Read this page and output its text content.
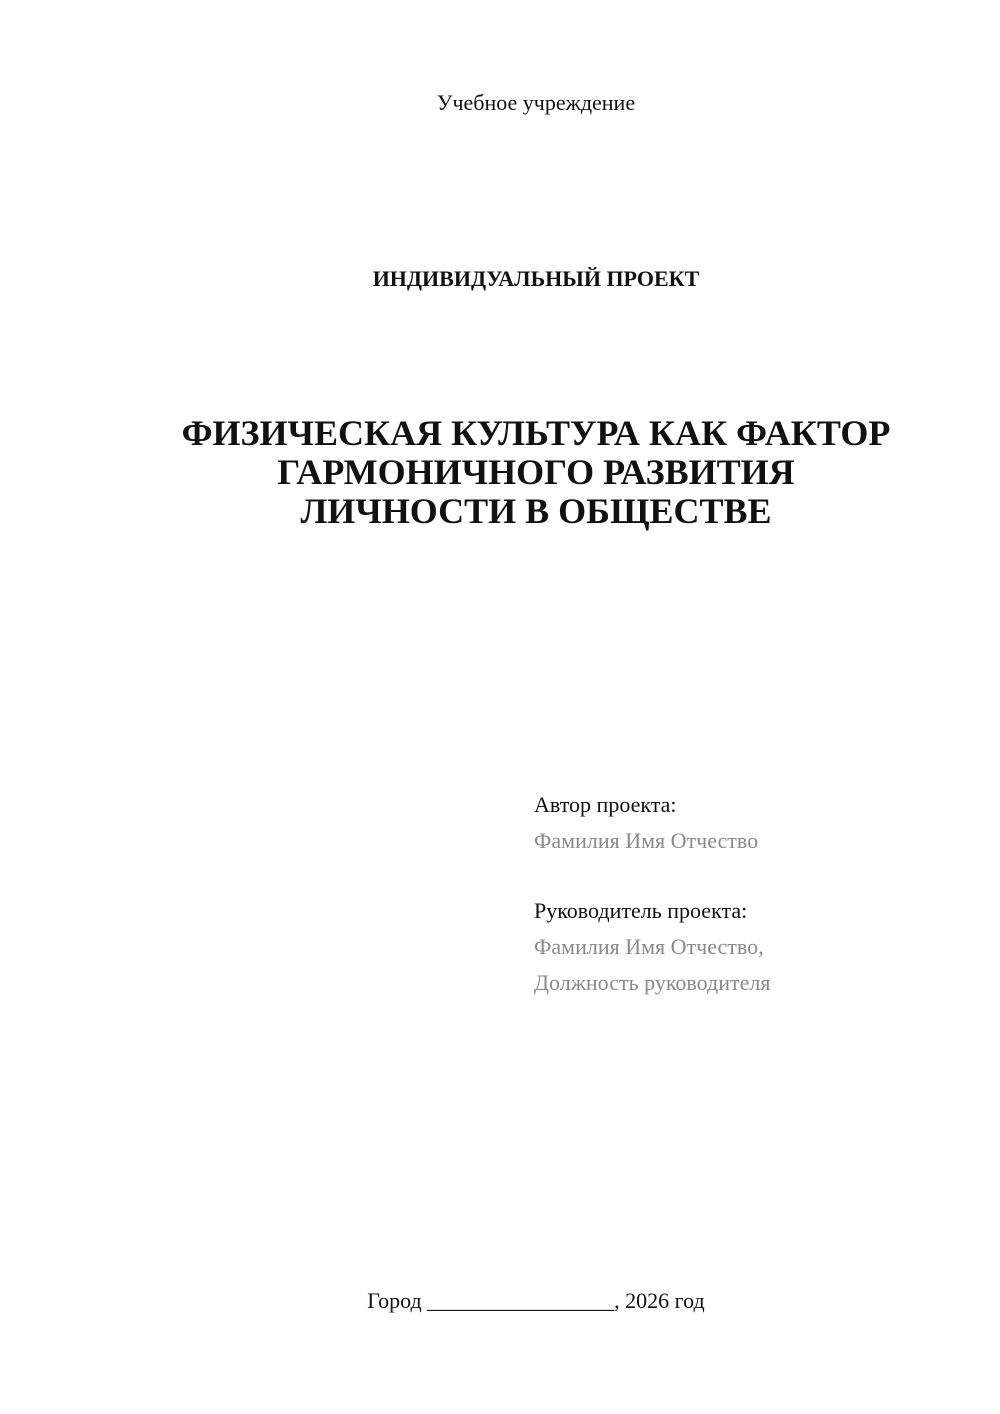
Учебное учреждение
ИНДИВИДУАЛЬНЫЙ ПРОЕКТ
ФИЗИЧЕСКАЯ КУЛЬТУРА КАК ФАКТОР
ГАРМОНИЧНОГО РАЗВИТИЯ
ЛИЧНОСТИ В ОБЩЕСТВЕ
Автор проекта:
Фамилия Имя Отчество
Руководитель проекта:
Фамилия Имя Отчество,
Должность руководителя
Город _________________, 2026 год
